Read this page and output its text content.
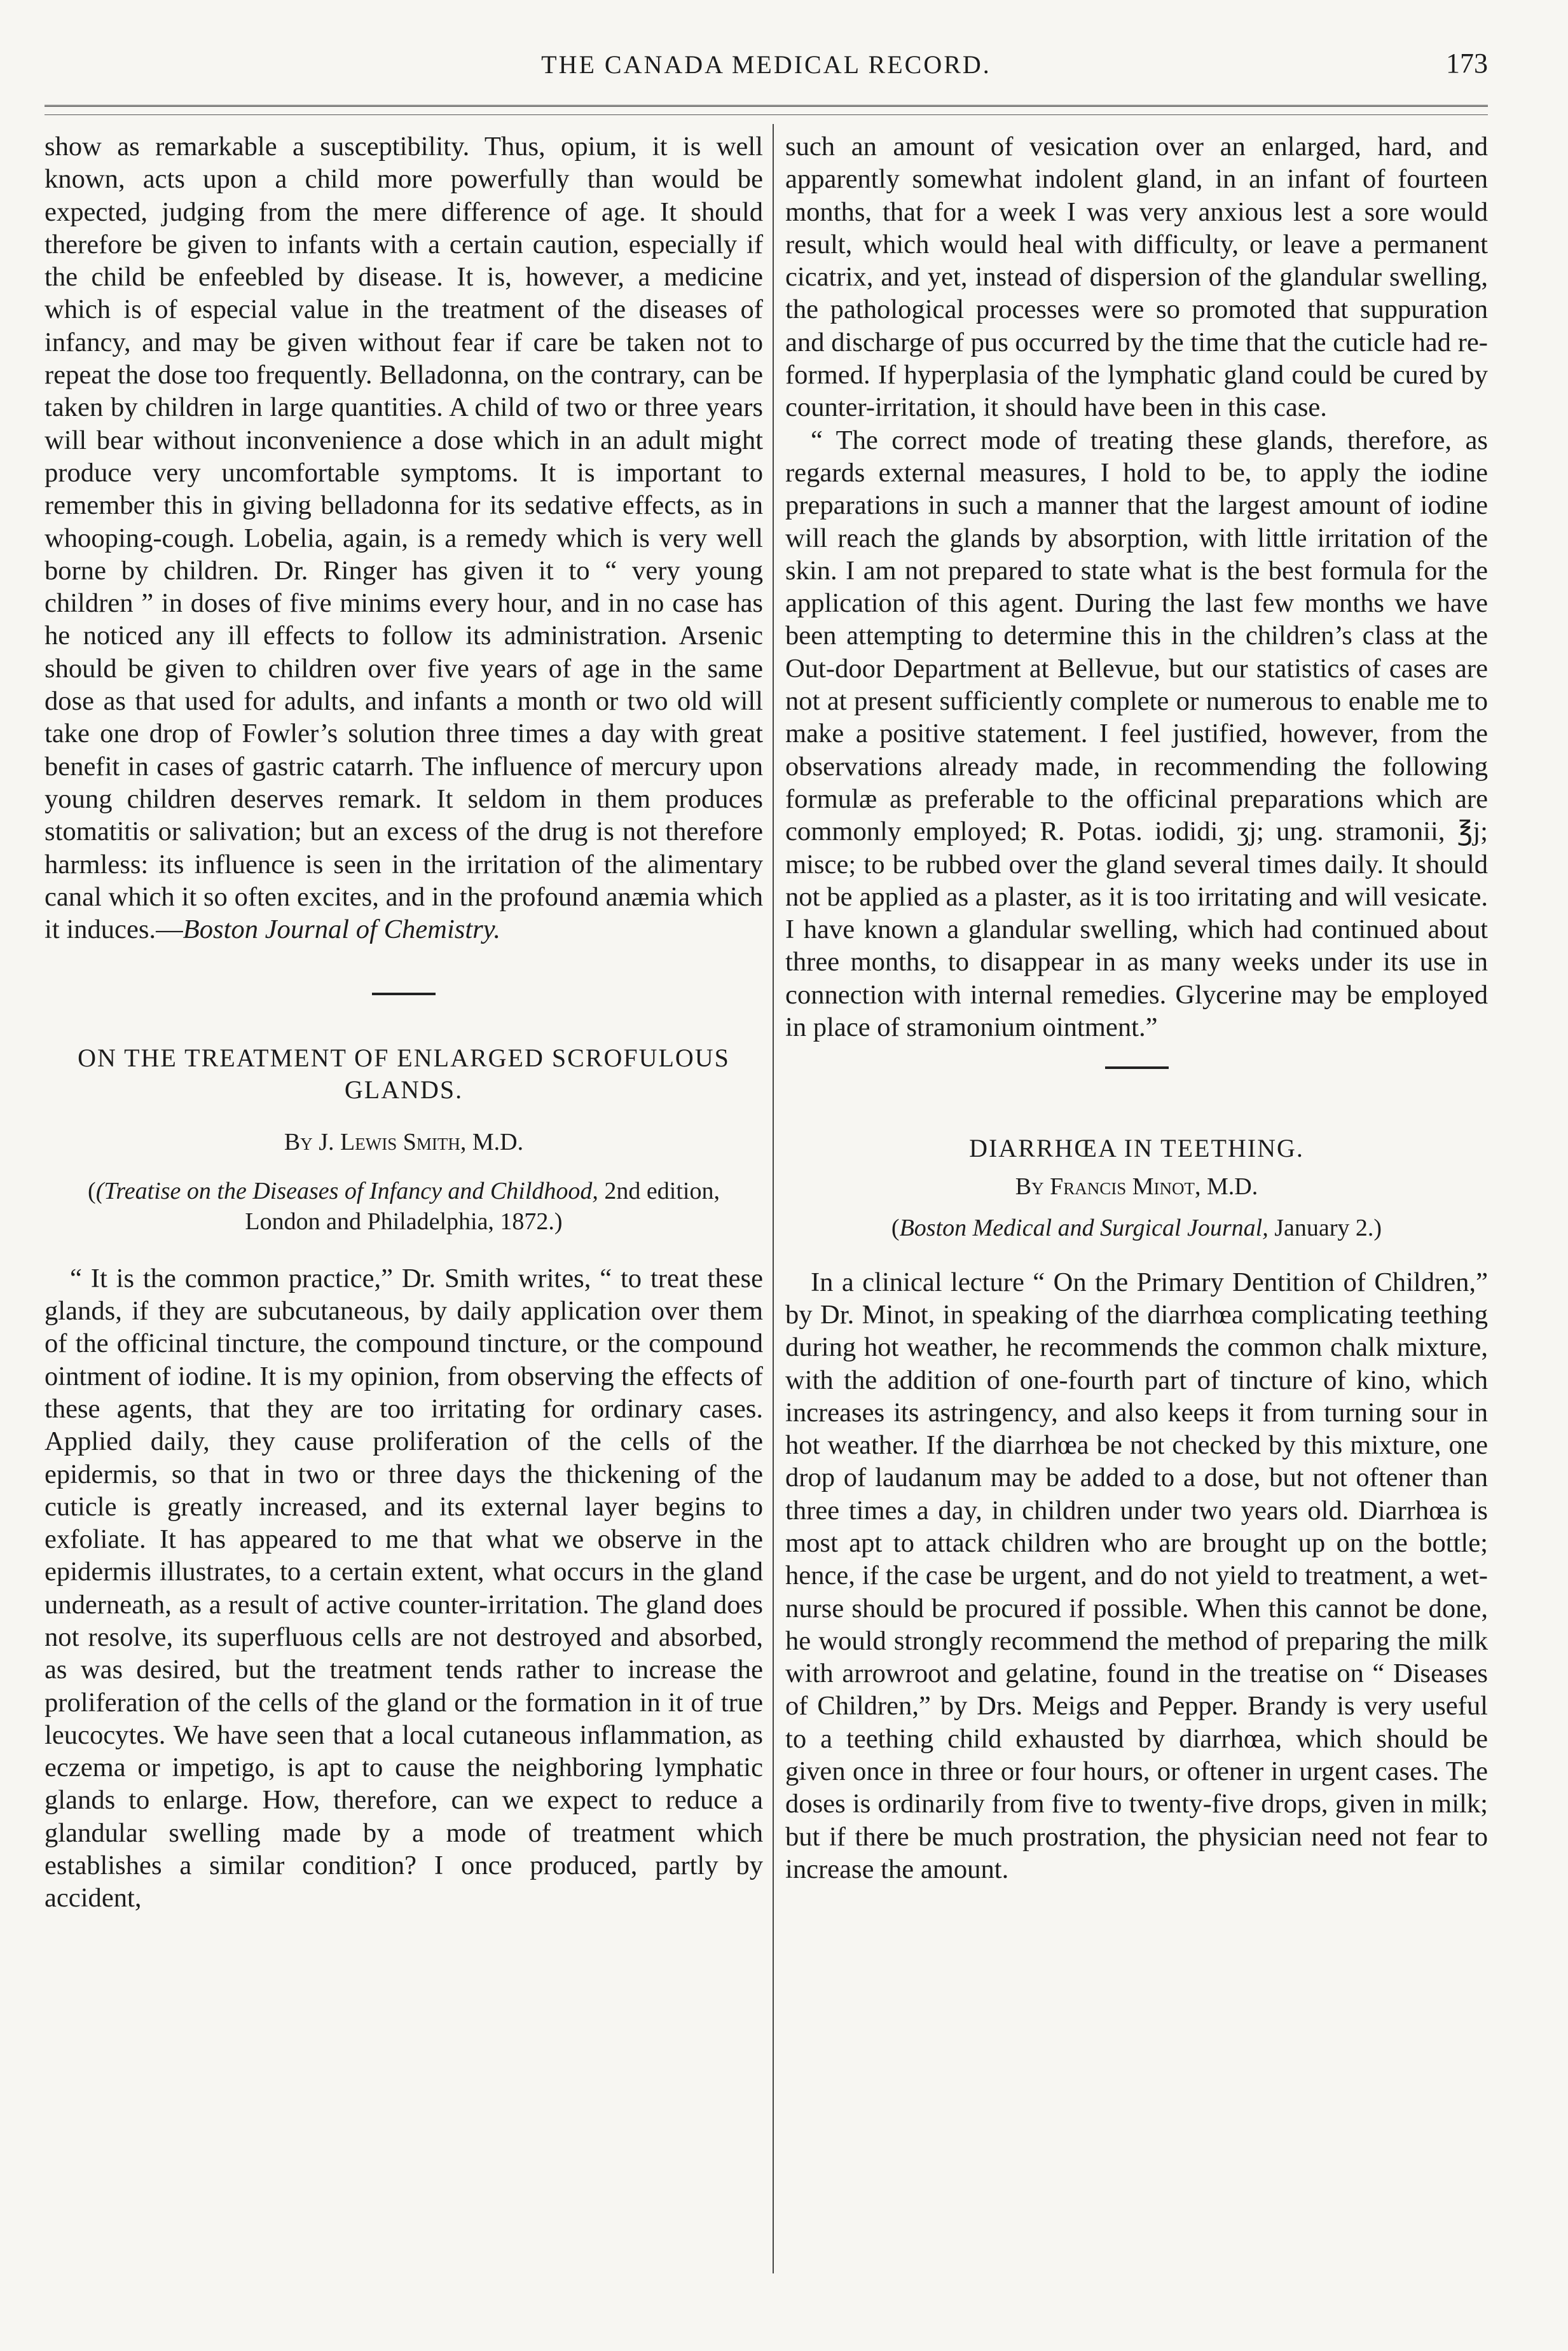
THE CANADA MEDICAL RECORD.	173

show as remarkable a susceptibility. Thus, opium, it is well known, acts upon a child more powerfully than would be expected, judging from the mere difference of age. It should therefore be given to infants with a certain caution, especially if the child be enfeebled by disease. It is, however, a medicine which is of especial value in the treatment of the diseases of infancy, and may be given without fear if care be taken not to repeat the dose too frequently. Belladonna, on the contrary, can be taken by children in large quantities. A child of two or three years will bear without inconvenience a dose which in an adult might produce very uncomfortable symptoms. It is important to remember this in giving belladonna for its sedative effects, as in whooping-cough. Lobelia, again, is a remedy which is very well borne by children. Dr. Ringer has given it to “ very young children ” in doses of five minims every hour, and in no case has he noticed any ill effects to follow its administration. Arsenic should be given to children over five years of age in the same dose as that used for adults, and infants a month or two old will take one drop of Fowler’s solution three times a day with great benefit in cases of gastric catarrh. The influence of mercury upon young children deserves remark. It seldom in them produces stomatitis or salivation; but an excess of the drug is not therefore harmless: its influence is seen in the irritation of the alimentary canal which it so often excites, and in the profound anæmia which it induces.—Boston Journal of Chemistry.

ON THE TREATMENT OF ENLARGED SCROFULOUS GLANDS.
By J. Lewis Smith, M.D.
((Treatise on the Diseases of Infancy and Childhood, 2nd edition, London and Philadelphia, 1872.)

“ It is the common practice,” Dr. Smith writes, “ to treat these glands, if they are subcutaneous, by daily application over them of the officinal tincture, the compound tincture, or the compound ointment of iodine. It is my opinion, from observing the effects of these agents, that they are too irritating for ordinary cases. Applied daily, they cause proliferation of the cells of the epidermis, so that in two or three days the thickening of the cuticle is greatly increased, and its external layer begins to exfoliate. It has appeared to me that what we observe in the epidermis illustrates, to a certain extent, what occurs in the gland underneath, as a result of active counter-irritation. The gland does not resolve, its superfluous cells are not destroyed and absorbed, as was desired, but the treatment tends rather to increase the proliferation of the cells of the gland or the formation in it of true leucocytes. We have seen that a local cutaneous inflammation, as eczema or impetigo, is apt to cause the neighboring lymphatic glands to enlarge. How, therefore, can we expect to reduce a glandular swelling made by a mode of treatment which establishes a similar condition? I once produced, partly by accident,

such an amount of vesication over an enlarged, hard, and apparently somewhat indolent gland, in an infant of fourteen months, that for a week I was very anxious lest a sore would result, which would heal with difficulty, or leave a permanent cicatrix, and yet, instead of dispersion of the glandular swelling, the pathological processes were so promoted that suppuration and discharge of pus occurred by the time that the cuticle had re-formed. If hyperplasia of the lymphatic gland could be cured by counter-irritation, it should have been in this case.

“ The correct mode of treating these glands, therefore, as regards external measures, I hold to be, to apply the iodine preparations in such a manner that the largest amount of iodine will reach the glands by absorption, with little irritation of the skin. I am not prepared to state what is the best formula for the application of this agent. During the last few months we have been attempting to determine this in the children’s class at the Out-door Department at Bellevue, but our statistics of cases are not at present sufficiently complete or numerous to enable me to make a positive statement. I feel justified, however, from the observations already made, in recommending the following formulæ as preferable to the officinal preparations which are commonly employed; R. Potas. iodidi, ʒj; ung. stramonii, ℥j; misce; to be rubbed over the gland several times daily. It should not be applied as a plaster, as it is too irritating and will vesicate. I have known a glandular swelling, which had continued about three months, to disappear in as many weeks under its use in connection with internal remedies. Glycerine may be employed in place of stramonium ointment.”

DIARRHŒA IN TEETHING.
By Francis Minot, M.D.
(Boston Medical and Surgical Journal, January 2.)

In a clinical lecture “ On the Primary Dentition of Children,” by Dr. Minot, in speaking of the diarrhœa complicating teething during hot weather, he recommends the common chalk mixture, with the addition of one-fourth part of tincture of kino, which increases its astringency, and also keeps it from turning sour in hot weather. If the diarrhœa be not checked by this mixture, one drop of laudanum may be added to a dose, but not oftener than three times a day, in children under two years old. Diarrhœa is most apt to attack children who are brought up on the bottle; hence, if the case be urgent, and do not yield to treatment, a wet-nurse should be procured if possible. When this cannot be done, he would strongly recommend the method of preparing the milk with arrowroot and gelatine, found in the treatise on “ Diseases of Children,” by Drs. Meigs and Pepper. Brandy is very useful to a teething child exhausted by diarrhœa, which should be given once in three or four hours, or oftener in urgent cases. The doses is ordinarily from five to twenty-five drops, given in milk; but if there be much prostration, the physician need not fear to increase the amount.
